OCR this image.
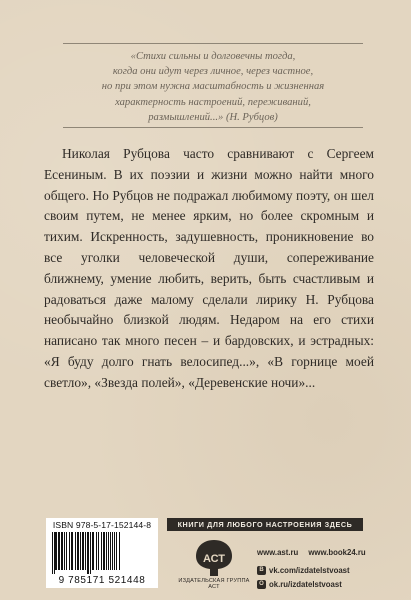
«Стихи сильны и долговечны тогда,
когда они идут через личное, через частное,
но при этом нужна масштабность и жизненная
характерность настроений, переживаний,
размышлений...» (Н. Рубцов)
Николая Рубцова часто сравнивают с Сергеем Есениным. В их поэзии и жизни можно найти много общего. Но Рубцов не подражал любимому поэту, он шел своим путем, не менее ярким, но более скромным и тихим. Искренность, задушевность, проникновение во все уголки человеческой души, сопереживание ближнему, умение любить, верить, быть счастливым и радоваться даже малому сделали лирику Н. Рубцова необычайно близкой людям. Недаром на его стихи написано так много песен – и бардовских, и эстрадных: «Я буду долго гнать велосипед...», «В горнице моей светло», «Звезда полей», «Деревенские ночи»...
ISBN 978-5-17-152144-8
9 785171 521448
КНИГИ ДЛЯ ЛЮБОГО НАСТРОЕНИЯ ЗДЕСЬ
АСТ
ИЗДАТЕЛЬСКАЯ ГРУППА АСТ
www.ast.ru www.book24.ru
В vk.com/izdatelstvoast
О ok.ru/izdatelstvoast
